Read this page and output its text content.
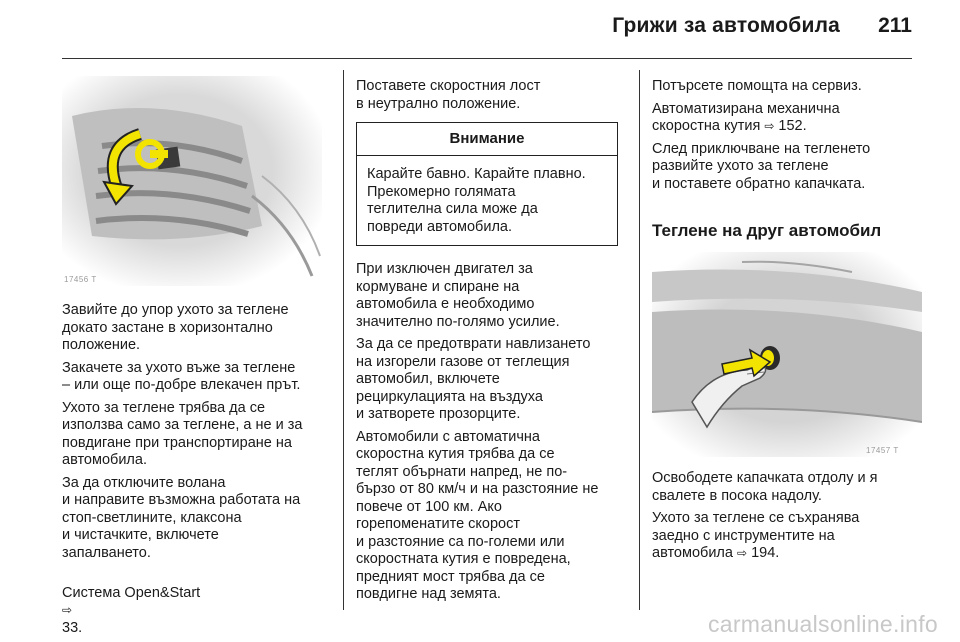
Грижи за автомобила 211
17456 T

Завийте до упор ухото за теглене
докато застане в хоризонтално
положение.

Закачете за ухото въже за теглене
– или още по-добре влекачен прът.

Ухото за теглене трябва да се
използва само за теглене, а не и за
повдигане при транспортиране на
автомобила.

За да отключите волана
и направите възможна работата на
стоп-светлините, клаксона
и чистачките, включете
запалването.

Система Open&Start
⇨
33.

Поставете скоростния лост
в неутрално положение.

Внимание
Карайте бавно. Карайте плавно.
Прекомерно голямата
теглителна сила може да
повреди автомобила.

При изключен двигател за
кормуване и спиране на
автомобила е необходимо
значително по-голямо усилие.

За да се предотврати навлизането
на изгорели газове от теглещия
автомобил, включете
рециркулацията на въздуха
и затворете прозорците.

Автомобили с автоматична
скоростна кутия трябва да се
теглят обърнати напред, не по-
бързо от 80 км/ч и на разстояние не
повече от 100 км. Ако
горепоменатите скорост
и разстояние са по-големи или
скоростната кутия е повредена,
предният мост трябва да се
повдигне над земята.

Потърсете помощта на сервиз.

Автоматизирана механична
скоростна кутия ⇨ 152.

След приключване на тегленето
развийте ухото за теглене
и поставете обратно капачката.

Теглене на друг автомобил
17457 T

Освободете капачката отдолу и я
свалете в посока надолу.

Ухото за теглене се съхранява
заедно с инструментите на
автомобила ⇨ 194.

carmanualsonline.info
